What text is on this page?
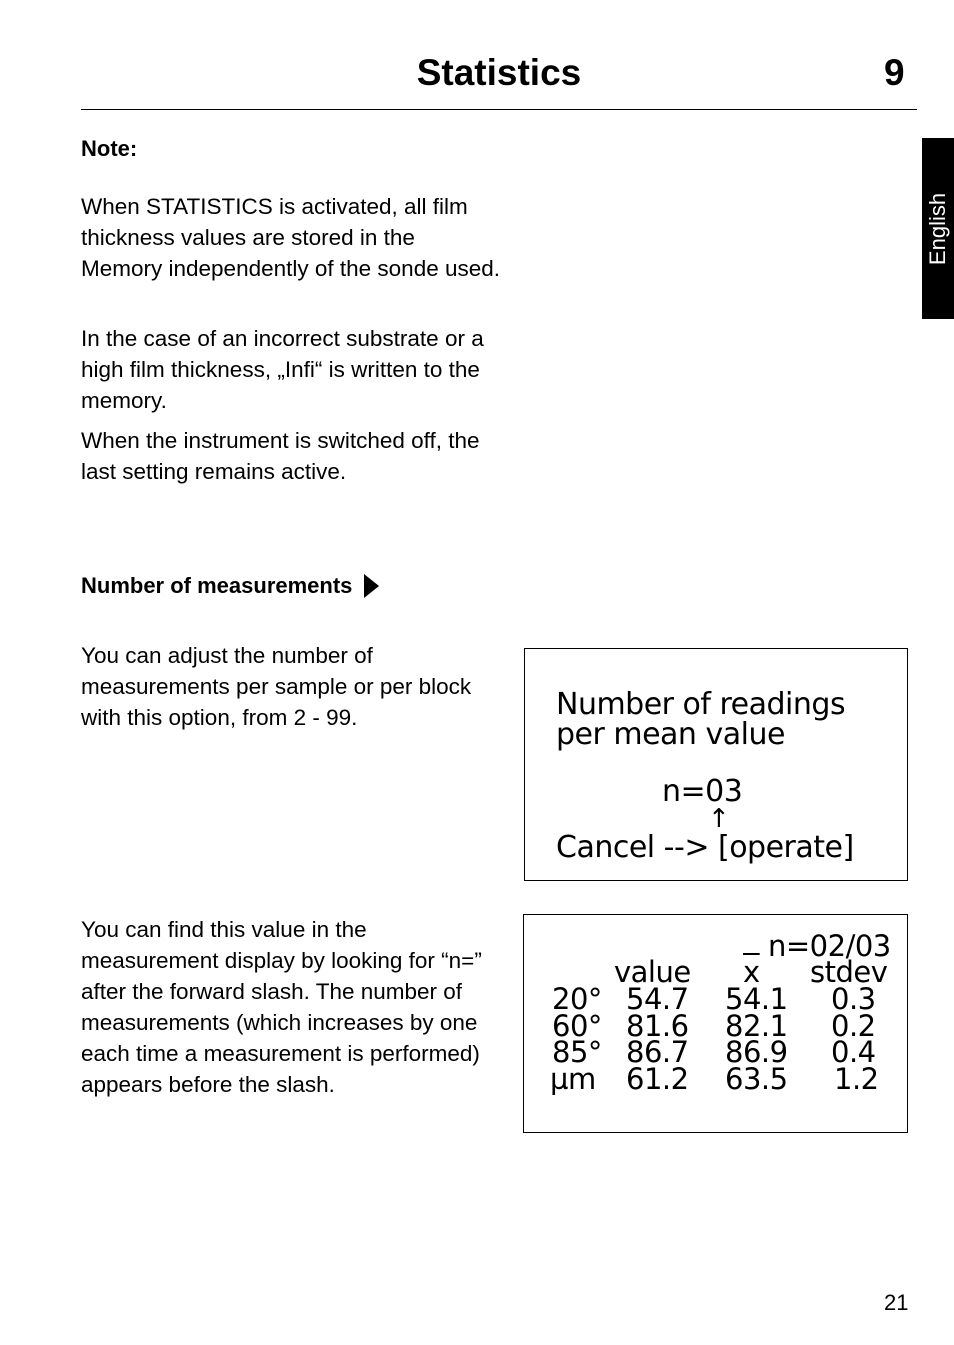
Statistics	9
English
Note:

When STATISTICS is activated, all film thickness values are stored in the Memory independently of the sonde used.

In the case of an incorrect substrate or a high film thickness, „Infi“ is written to the memory.

When the instrument is switched off, the last setting remains active.

Number of measurements

You can adjust the number of measurements per sample or per block with this option, from 2 - 99.

You can find this value in the measurement display by looking for “n=” after the forward slash. The number of measurements (which increases by one each time a measurement is performed) appears before the slash.

Number of readings
per mean value
n=03
↑
Cancel --> [operate]
n=02/03
value $\overline{x}$ stdev
20° 54.7 54.1 0.3
60° 81.6 82.1 0.2
85° 86.7 86.9 0.4
µm 61.2 63.5 1.2
21
